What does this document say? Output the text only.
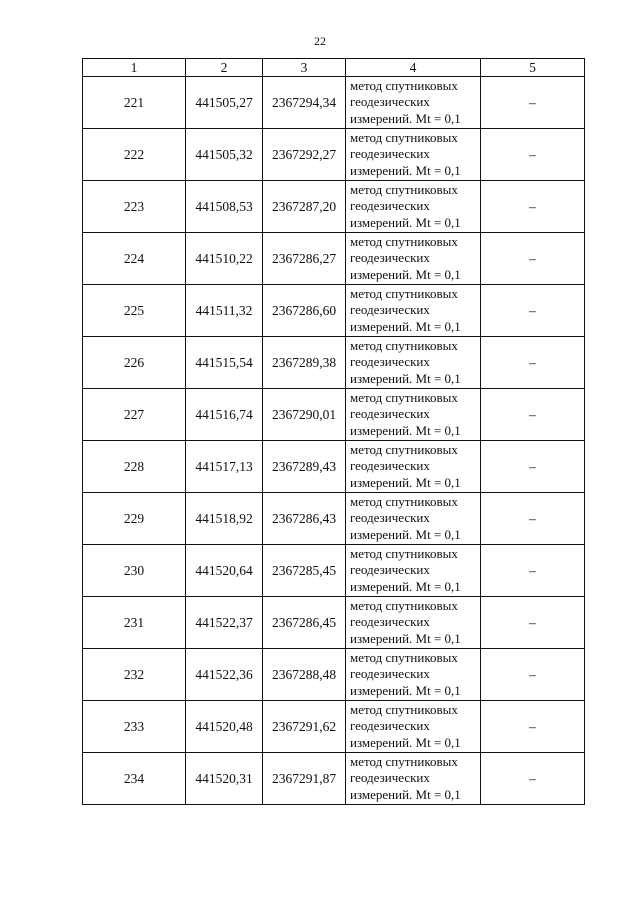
22
1	2	3	4	5
221	441505,27	2367294,34	метод спутниковых
геодезических
измерений. Mt = 0,1	–
222	441505,32	2367292,27	метод спутниковых
геодезических
измерений. Mt = 0,1	–
223	441508,53	2367287,20	метод спутниковых
геодезических
измерений. Mt = 0,1	–
224	441510,22	2367286,27	метод спутниковых
геодезических
измерений. Mt = 0,1	–
225	441511,32	2367286,60	метод спутниковых
геодезических
измерений. Mt = 0,1	–
226	441515,54	2367289,38	метод спутниковых
геодезических
измерений. Mt = 0,1	–
227	441516,74	2367290,01	метод спутниковых
геодезических
измерений. Mt = 0,1	–
228	441517,13	2367289,43	метод спутниковых
геодезических
измерений. Mt = 0,1	–
229	441518,92	2367286,43	метод спутниковых
геодезических
измерений. Mt = 0,1	–
230	441520,64	2367285,45	метод спутниковых
геодезических
измерений. Mt = 0,1	–
231	441522,37	2367286,45	метод спутниковых
геодезических
измерений. Mt = 0,1	–
232	441522,36	2367288,48	метод спутниковых
геодезических
измерений. Mt = 0,1	–
233	441520,48	2367291,62	метод спутниковых
геодезических
измерений. Mt = 0,1	–
234	441520,31	2367291,87	метод спутниковых
геодезических
измерений. Mt = 0,1	–
